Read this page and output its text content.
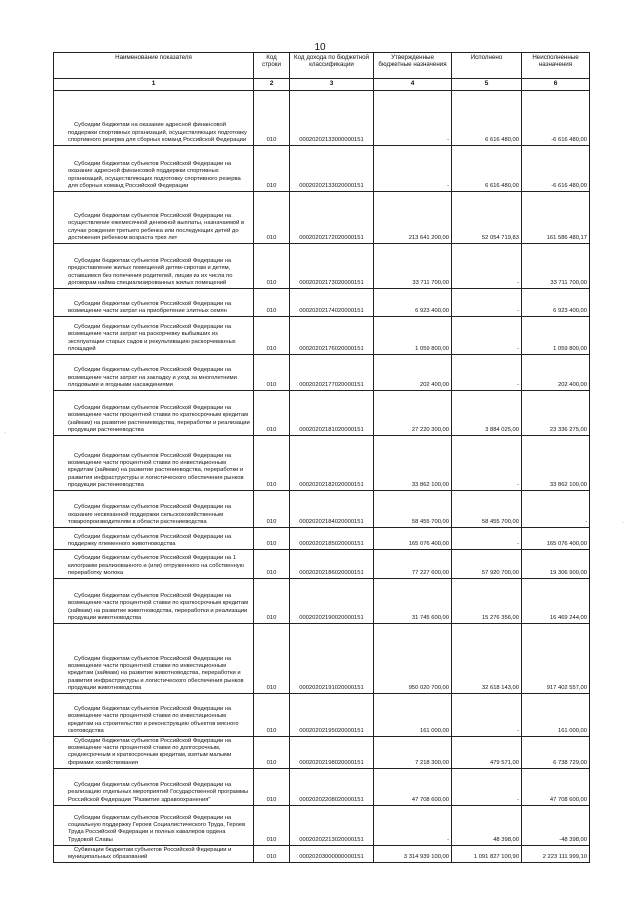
10
Наименование показателя	Код строки	Код дохода по бюджетной классификации	Утвержденные бюджетные назначения	Исполнено	Неисполненные назначения
1	2	3	4	5	6
Субсидии бюджетам на оказание адресной финансовой поддержки спортивных организаций, осуществляющих подготовку спортивного резерва для сборных команд Российской Федерации	010	00020202133000000151	-	6 616 480,00	-6 616 480,00
Субсидии бюджетам субъектов Российской Федерации на оказание адресной финансовой поддержки спортивных организаций, осуществляющих подготовку спортивного резерва для сборных команд Российской Федерации	010	00020202133020000151	-	6 616 480,00	-6 616 480,00
Субсидии бюджетам субъектов Российской Федерации на осуществление ежемесячной денежной выплаты, назначаемой в случае рождения третьего ребенка или последующих детей до достижения ребенком возраста трех лет	010	00020202172020000151	213 641 200,00	52 054 719,83	161 586 480,17
Субсидии бюджетам субъектов Российской Федерации на предоставление жилых помещений детям-сиротам и детям, оставшимся без попечения родителей, лицам из их числа по договорам найма специализированных жилых помещений	010	00020202173020000151	33 711 700,00	-	33 711 700,00
Субсидии бюджетам субъектов Российской Федерации на возмещение части затрат на приобретение элитных семян	010	00020202174020000151	6 923 400,00	-	6 923 400,00
Субсидии бюджетам субъектов Российской Федерации на возмещение части затрат на раскорчевку выбывших из эксплуатации старых садов и рекультивацию раскорчеванных площадей	010	00020202176020000151	1 059 800,00	-	1 059 800,00
Субсидии бюджетам субъектов Российской Федерации на возмещение части затрат на закладку и уход за многолетними плодовыми и ягодными насаждениями	010	00020202177020000151	202 400,00	-	202 400,00
Субсидии бюджетам субъектов Российской Федерации на возмещение части процентной ставки по краткосрочным кредитам (займам) на развитие растениеводства, переработки и реализации продукции растениеводства	010	00020202181020000151	27 220 300,00	3 884 025,00	23 336 275,00
Субсидии бюджетам субъектов Российской Федерации на возмещение части процентной ставки по инвестиционным кредитам (займам) на развитие растениеводства, переработки и развития инфраструктуры и логистического обеспечения рынков продукции растениеводства	010	00020202182020000151	33 862 100,00	-	33 862 100,00
Субсидии бюджетам субъектов Российской Федерации на оказание несвязанной поддержки сельскохозяйственным товаропроизводителям в области растениеводства	010	00020202184020000151	58 455 700,00	58 455 700,00	-
Субсидии бюджетам субъектов Российской Федерации на поддержку племенного животноводства	010	00020202185020000151	165 076 400,00	-	165 076 400,00
Субсидии бюджетам субъектов Российской Федерации на 1 килограмм реализованного и (или) отгруженного на собственную переработку молока	010	00020202186020000151	77 227 600,00	57 920 700,00	19 306 900,00
Субсидии бюджетам субъектов Российской Федерации на возмещение части процентной ставки по краткосрочным кредитам (займам) на развитие животноводства, переработки и реализации продукции животноводства	010	00020202190020000151	31 745 600,00	15 276 356,00	16 469 244,00
Субсидии бюджетам субъектов Российской Федерации на возмещение части процентной ставки по инвестиционным кредитам (займам) на развитие животноводства, переработки и развития инфраструктуры и логистического обеспечения рынков продукции животноводства	010	00020202191020000151	950 020 700,00	32 618 143,00	917 402 557,00
Субсидии бюджетам субъектов Российской Федерации на возмещение части процентной ставки по инвестиционным кредитам на строительство и реконструкцию объектов мясного скотоводства	010	00020202195020000151	161 000,00	-	161 000,00
Субсидии бюджетам субъектов Российской Федерации на возмещение части процентной ставки по долгосрочным, среднесрочным и краткосрочным кредитам, взятым малыми формами хозяйствования	010	00020202198020000151	7 218 300,00	479 571,00	6 738 729,00
Субсидии бюджетам субъектов Российской Федерации на реализацию отдельных мероприятий Государственной программы Российской Федерации "Развитие здравоохранения"	010	00020202208020000151	47 708 600,00	-	47 708 600,00
Субсидии бюджетам субъектов Российской Федерации на социальную поддержку Героев Социалистического Труда, Героев Труда Российской Федерации и полных кавалеров ордена Трудовой Славы	010	00020202213020000151	-	48 398,00	-48 398,00
Субвенции бюджетам субъектов Российской Федерации и муниципальных образований	010	00020203000000000151	3 314 939 100,00	1 091 827 100,90	2 223 111 999,10
·
·
